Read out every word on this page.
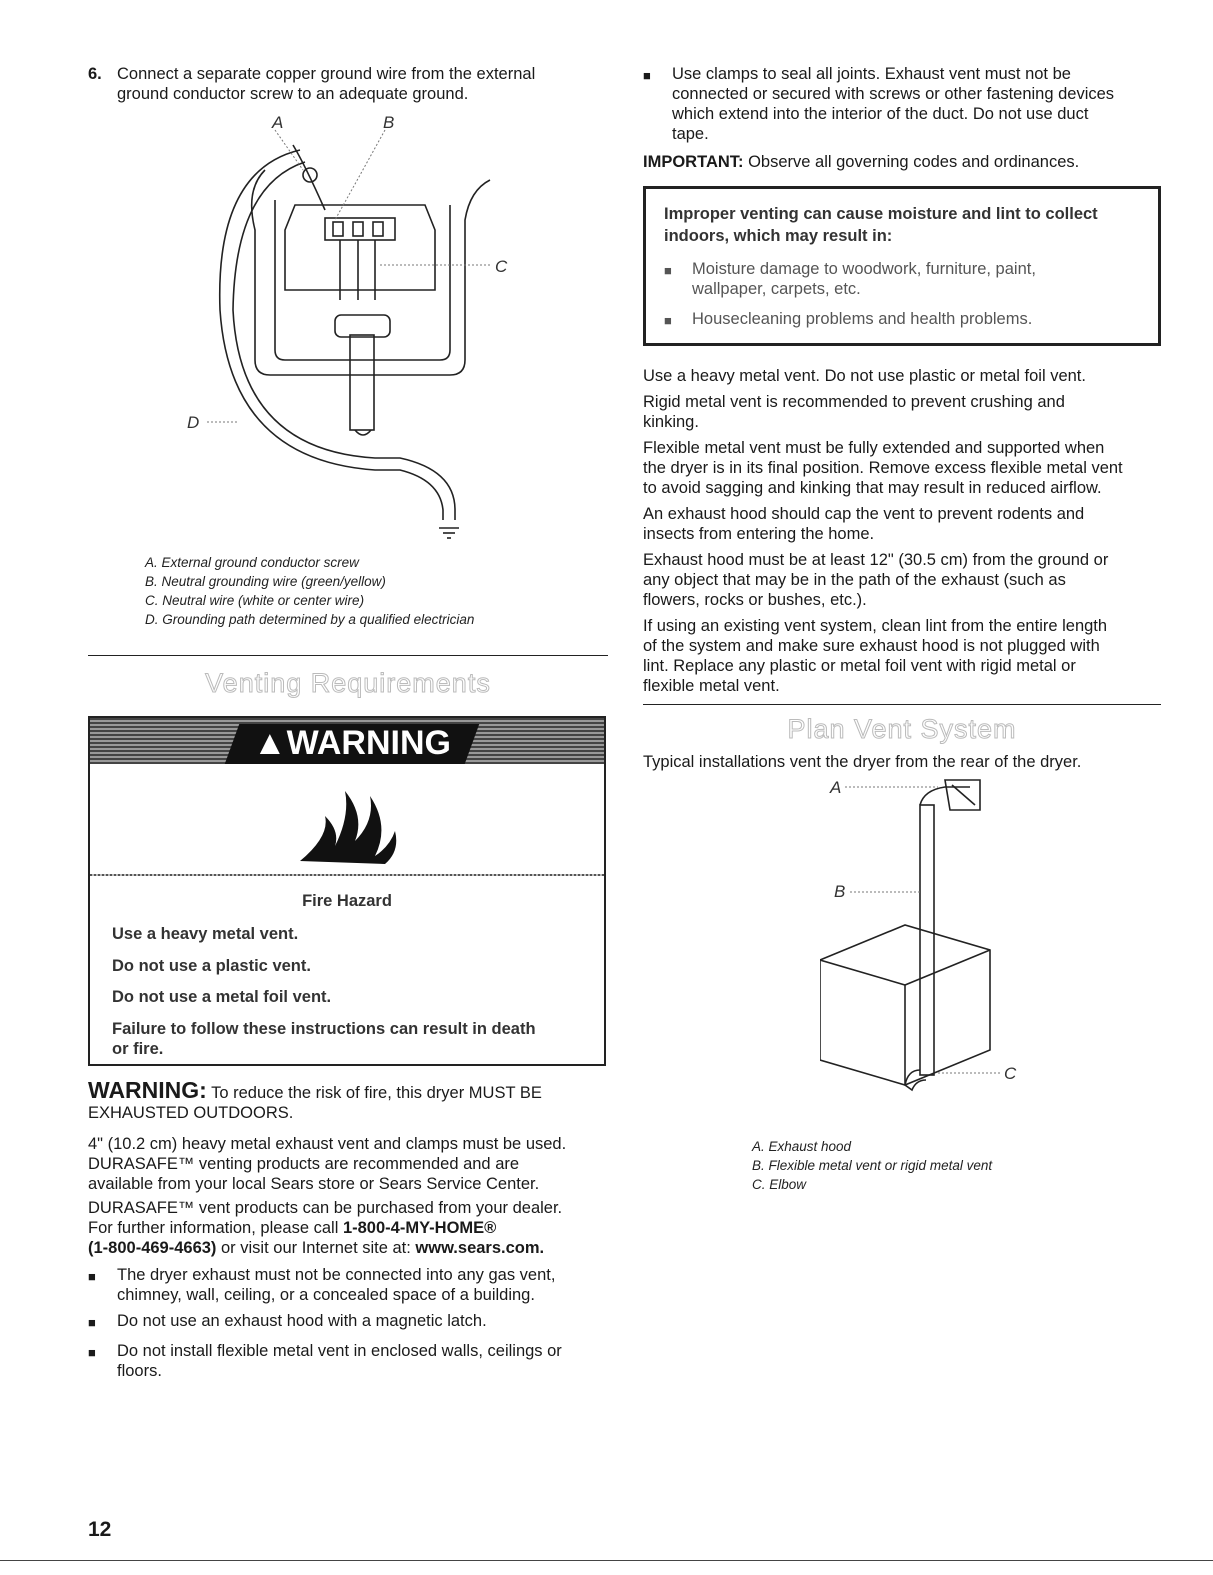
6. Connect a separate copper ground wire from the external

ground conductor screw to an adequate ground.

A	B
C
D

A. External ground conductor screw

B. Neutral grounding wire (green/yellow)

C. Neutral wire (white or center wire)

D. Grounding path determined by a qualified electrician

Venting Requirements
▲WARNING
Fire Hazard
Use a heavy metal vent.
Do not use a plastic vent.
Do not use a metal foil vent.
Failure to follow these instructions can result in death
or fire.

WARNING: To reduce the risk of fire, this dryer MUST BE

EXHAUSTED OUTDOORS.

4" (10.2 cm) heavy metal exhaust vent and clamps must be used.

DURASAFE™ venting products are recommended and are

available from your local Sears store or Sears Service Center.

DURASAFE™ vent products can be purchased from your dealer.

For further information, please call 1-800-4-MY-HOME®

(1-800-469-4663) or visit our Internet site at: www.sears.com.

■ The dryer exhaust must not be connected into any gas vent,

chimney, wall, ceiling, or a concealed space of a building.

■ Do not use an exhaust hood with a magnetic latch.

■ Do not install flexible metal vent in enclosed walls, ceilings or

floors.

12
■ Use clamps to seal all joints. Exhaust vent must not be

connected or secured with screws or other fastening devices

which extend into the interior of the duct. Do not use duct

tape.

IMPORTANT: Observe all governing codes and ordinances.

Improper venting can cause moisture and lint to collect
indoors, which may result in:
■ Moisture damage to woodwork, furniture, paint,

wallpaper, carpets, etc.

■ Housecleaning problems and health problems.

Use a heavy metal vent. Do not use plastic or metal foil vent.

Rigid metal vent is recommended to prevent crushing and

kinking.

Flexible metal vent must be fully extended and supported when

the dryer is in its final position. Remove excess flexible metal vent

to avoid sagging and kinking that may result in reduced airflow.

An exhaust hood should cap the vent to prevent rodents and

insects from entering the home.

Exhaust hood must be at least 12" (30.5 cm) from the ground or

any object that may be in the path of the exhaust (such as

flowers, rocks or bushes, etc.).

If using an existing vent system, clean lint from the entire length

of the system and make sure exhaust hood is not plugged with

lint. Replace any plastic or metal foil vent with rigid metal or

flexible metal vent.

Plan Vent System
Typical installations vent the dryer from the rear of the dryer.
A
B
C

A. Exhaust hood

B. Flexible metal vent or rigid metal vent

C. Elbow
